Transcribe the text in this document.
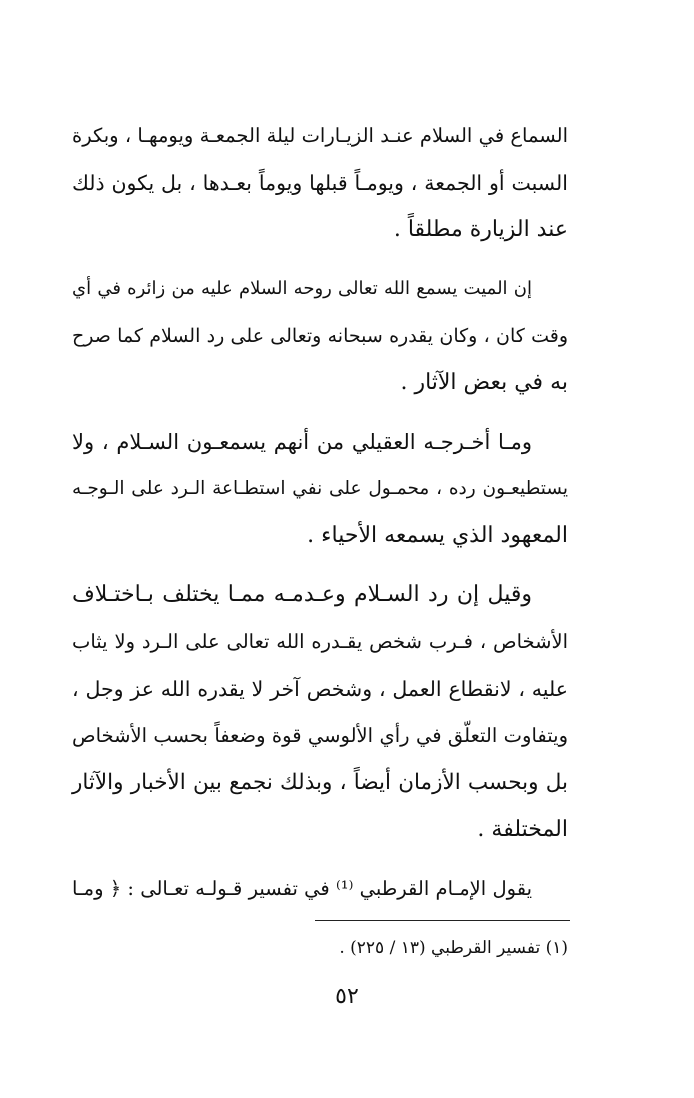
السماع في السلام عنـد الزيـارات ليلة الجمعـة ويومهـا ، وبكرة
السبت أو الجمعة ، ويومـاً قبلها ويوماً بعـدها ، بل يكون ذلك
عند الزيارة مطلقاً .
إن الميت يسمع الله تعالى روحه السلام عليه من زائره في أي
وقت كان ، وكان يقدره سبحانه وتعالى على رد السلام كما صرح
به في بعض الآثار .
ومـا أخـرجـه العقيلي من أنهم يسمعـون السـلام ، ولا
يستطيعـون رده ، محمـول على نفي استطـاعة الـرد على الـوجـه
المعهود الذي يسمعه الأحياء .
وقيل إن رد السـلام وعـدمـه ممـا يختلف بـاختـلاف
الأشخاص ، فـرب شخص يقـدره الله تعالى على الـرد ولا يثاب
عليه ، لانقطاع العمل ، وشخص آخر لا يقدره الله عز وجل ،
ويتفاوت التعلّق في رأي الألوسي قوة وضعفاً بحسب الأشخاص
بل وبحسب الأزمان أيضاً ، وبذلك نجمع بين الأخبار والآثار
المختلفة .
يقول الإمـام القرطبي ⁽¹⁾ في تفسير قـولـه تعـالى : ﴿ ومـا
(١) تفسير القرطبي (١٣ / ٢٢٥) .
٥٢
